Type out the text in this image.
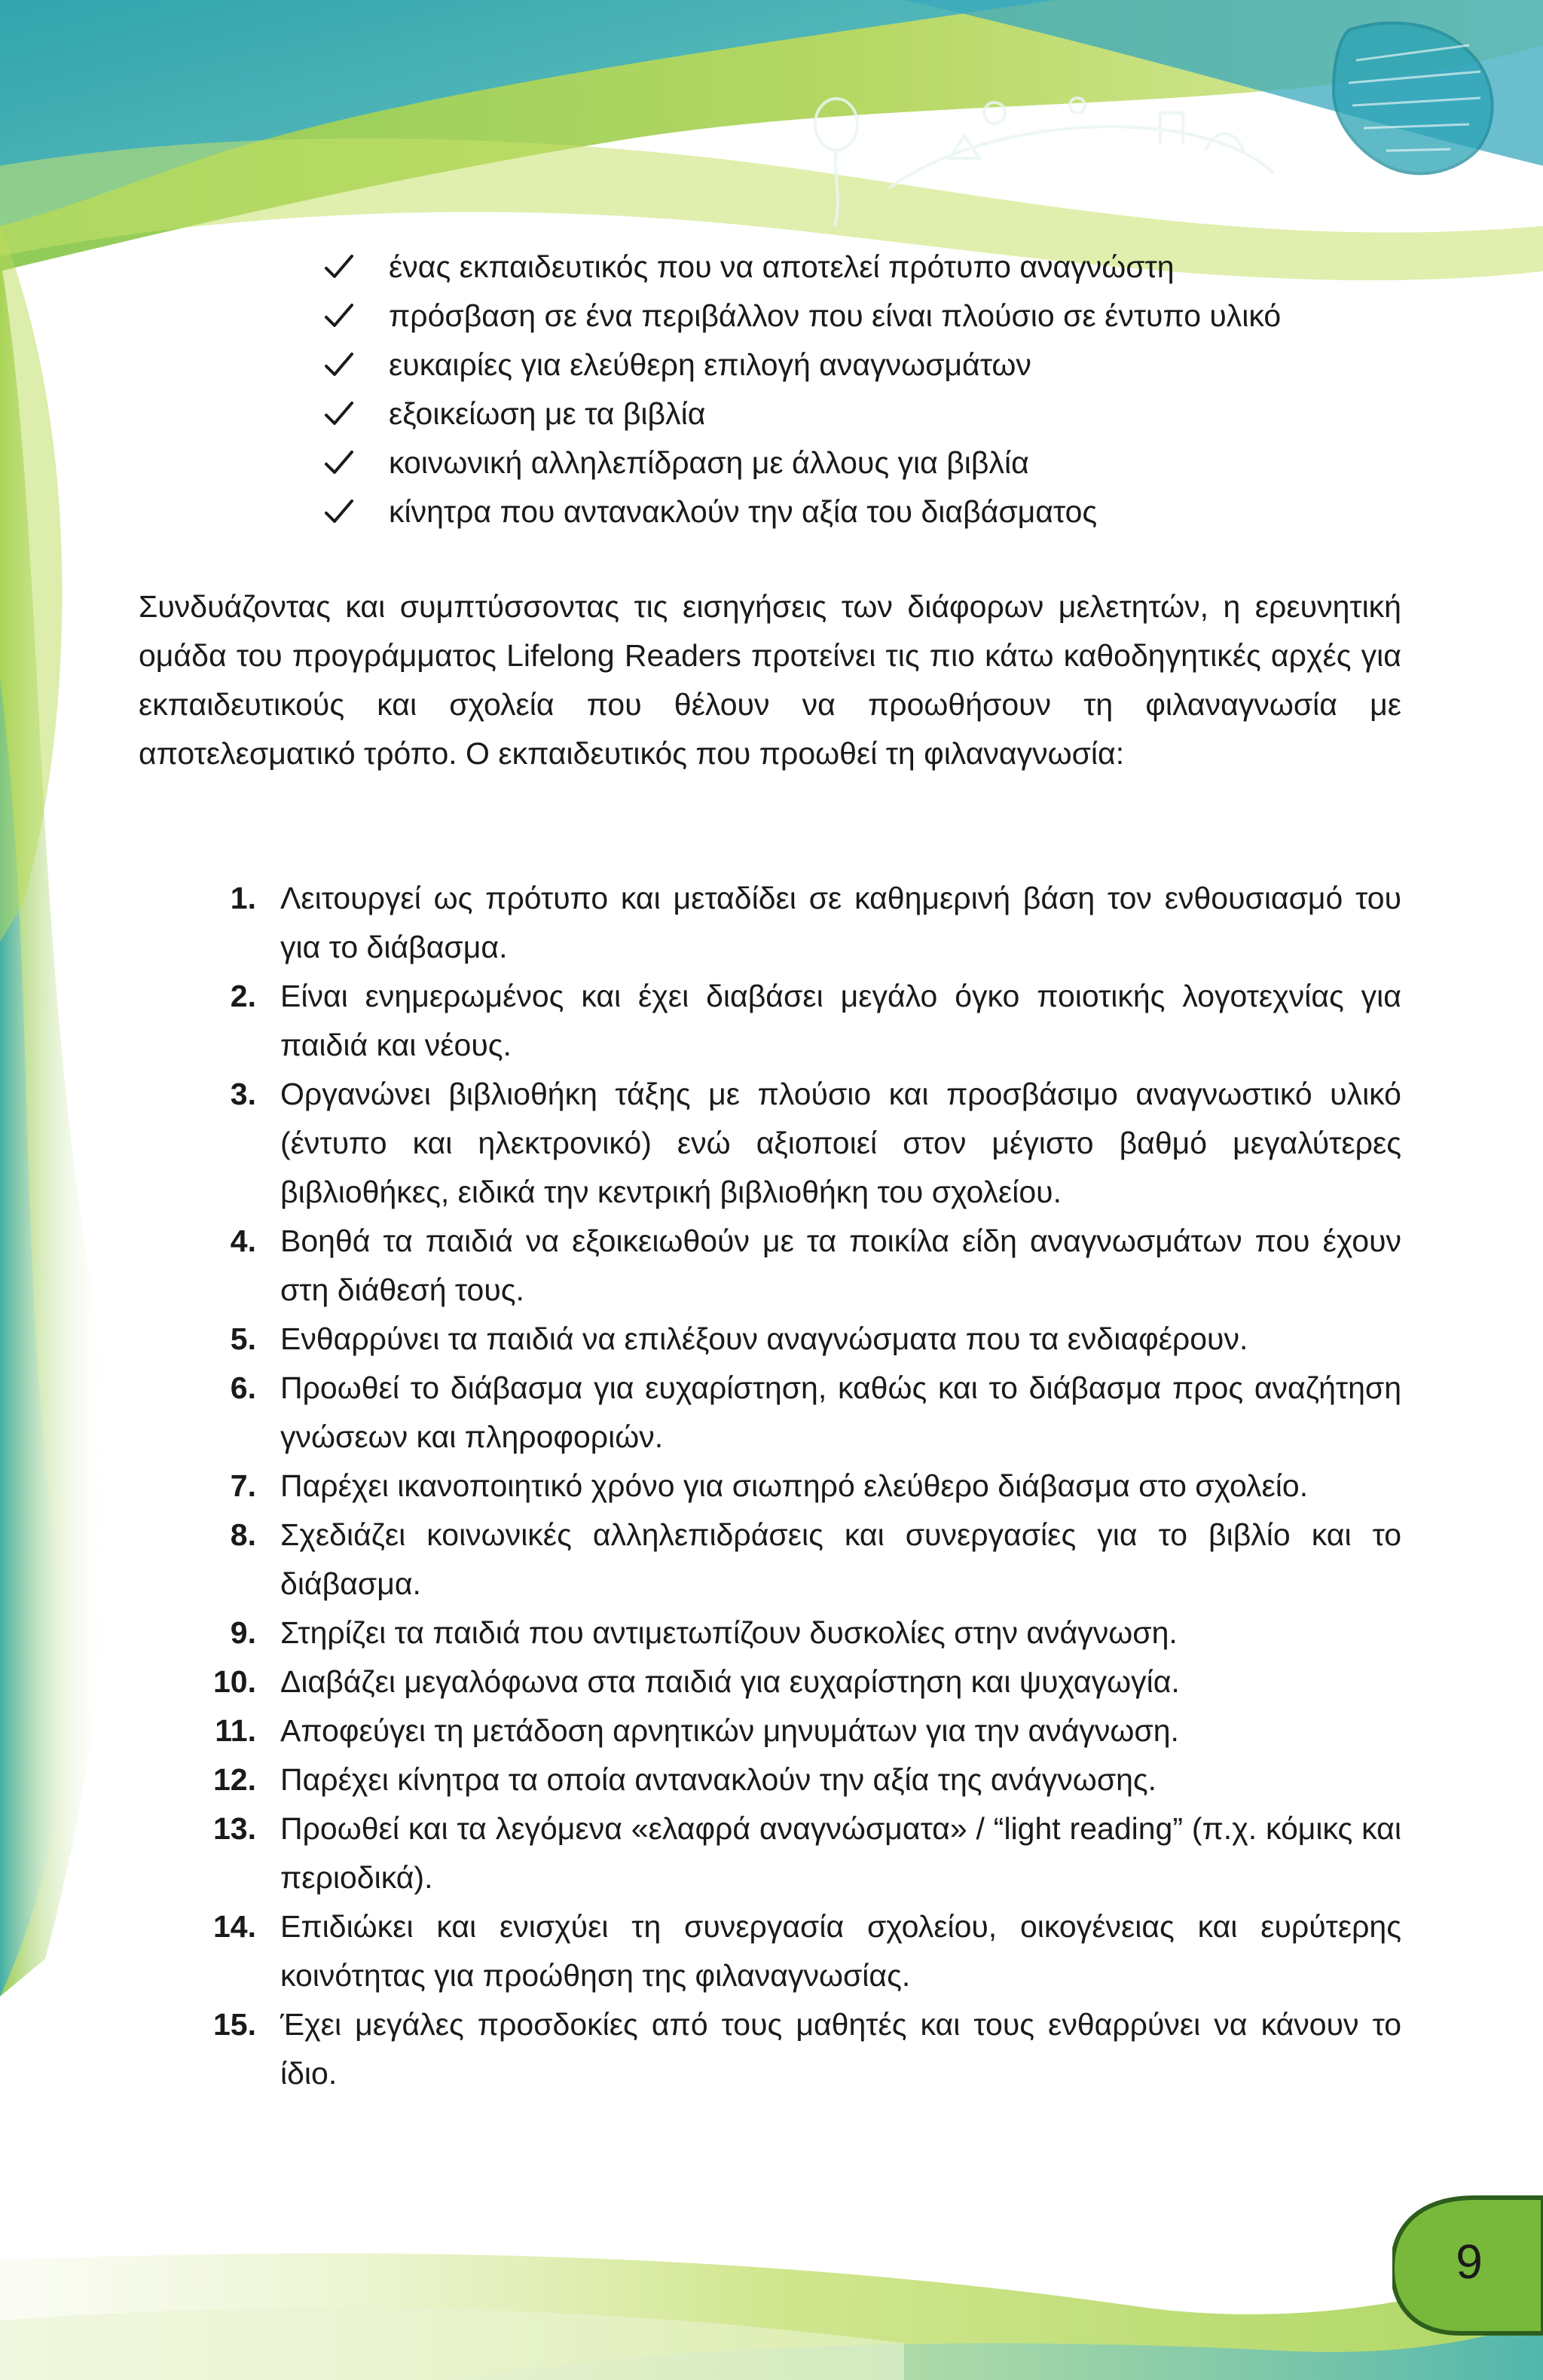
ένας εκπαιδευτικός που να αποτελεί πρότυπο αναγνώστη
πρόσβαση σε ένα περιβάλλον που είναι πλούσιο σε έντυπο υλικό
ευκαιρίες για ελεύθερη επιλογή αναγνωσμάτων
εξοικείωση με τα βιβλία
κοινωνική αλληλεπίδραση με άλλους για βιβλία
κίνητρα που αντανακλούν την αξία του διαβάσματος

Συνδυάζοντας και συμπτύσσοντας τις εισηγήσεις των διάφορων μελετητών, η ερευνητική ομάδα του προγράμματος Lifelong Readers προτείνει τις πιο κάτω καθοδηγητικές αρχές για εκπαιδευτικούς και σχολεία που θέλουν να προωθήσουν τη φιλαναγνωσία με αποτελεσματικό τρόπο. Ο εκπαιδευτικός που προωθεί τη φιλαναγνωσία:

1. Λειτουργεί ως πρότυπο και μεταδίδει σε καθημερινή βάση τον ενθουσιασμό του για το διάβασμα.
2. Είναι ενημερωμένος και έχει διαβάσει μεγάλο όγκο ποιοτικής λογοτεχνίας για παιδιά και νέους.
3. Οργανώνει βιβλιοθήκη τάξης με πλούσιο και προσβάσιμο αναγνωστικό υλικό (έντυπο και ηλεκτρονικό) ενώ αξιοποιεί στον μέγιστο βαθμό μεγαλύτερες βιβλιοθήκες, ειδικά την κεντρική βιβλιοθήκη του σχολείου.
4. Βοηθά τα παιδιά να εξοικειωθούν με τα ποικίλα είδη αναγνωσμάτων που έχουν στη διάθεσή τους.
5. Ενθαρρύνει τα παιδιά να επιλέξουν αναγνώσματα που τα ενδιαφέρουν.
6. Προωθεί το διάβασμα για ευχαρίστηση, καθώς και το διάβασμα προς αναζήτηση γνώσεων και πληροφοριών.
7. Παρέχει ικανοποιητικό χρόνο για σιωπηρό ελεύθερο διάβασμα στο σχολείο.
8. Σχεδιάζει κοινωνικές αλληλεπιδράσεις και συνεργασίες για το βιβλίο και το διάβασμα.
9. Στηρίζει τα παιδιά που αντιμετωπίζουν δυσκολίες στην ανάγνωση.
10. Διαβάζει μεγαλόφωνα στα παιδιά για ευχαρίστηση και ψυχαγωγία.
11. Αποφεύγει τη μετάδοση αρνητικών μηνυμάτων για την ανάγνωση.
12. Παρέχει κίνητρα τα οποία αντανακλούν την αξία της ανάγνωσης.
13. Προωθεί και τα λεγόμενα «ελαφρά αναγνώσματα» / “light reading” (π.χ. κόμικς και περιοδικά).
14. Επιδιώκει και ενισχύει τη συνεργασία σχολείου, οικογένειας και ευρύτερης κοινότητας για προώθηση της φιλαναγνωσίας.
15. Έχει μεγάλες προσδοκίες από τους μαθητές και τους ενθαρρύνει να κάνουν το ίδιο.
9
